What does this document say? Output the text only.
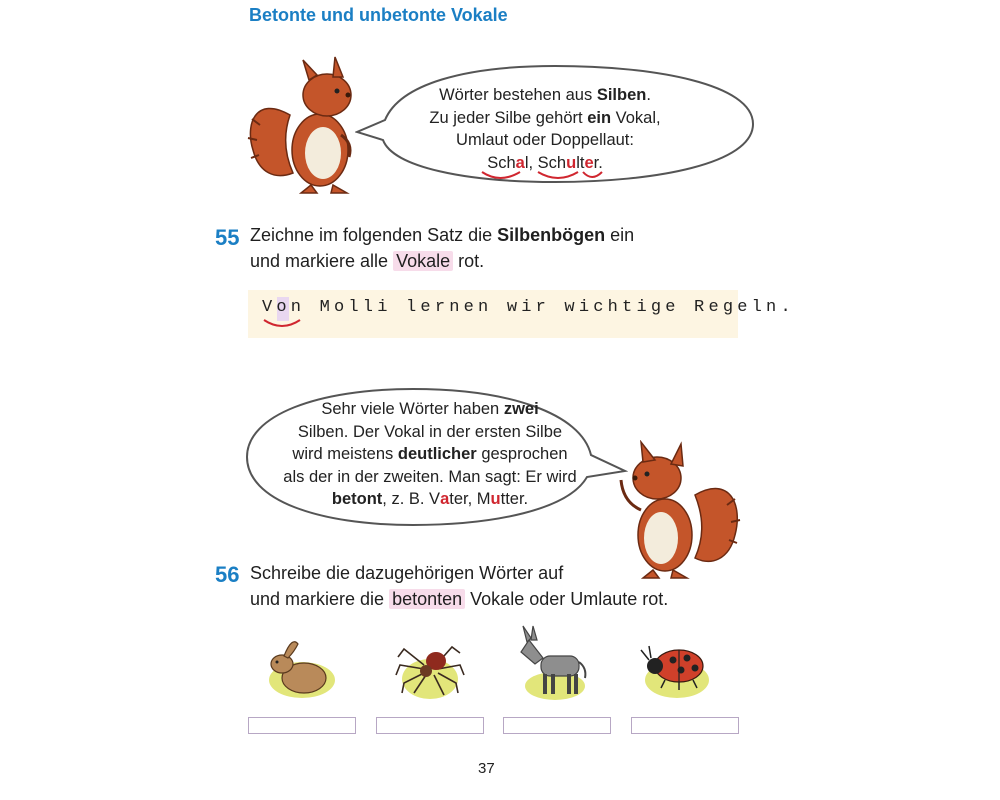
Betonte und unbetonte Vokale
Wörter bestehen aus Silben.
Zu jeder Silbe gehört ein Vokal,
Umlaut oder Doppellaut:
Schal, Schulter.
55 Zeichne im folgenden Satz die Silbenbögen ein
und markiere alle Vokale rot.
Von Molli lernen wir wichtige Regeln.
Sehr viele Wörter haben zwei
Silben. Der Vokal in der ersten Silbe
wird meistens deutlicher gesprochen
als der in der zweiten. Man sagt: Er wird
betont, z. B. Vater, Mutter.
56 Schreibe die dazugehörigen Wörter auf
und markiere die betonten Vokale oder Umlaute rot.
37
